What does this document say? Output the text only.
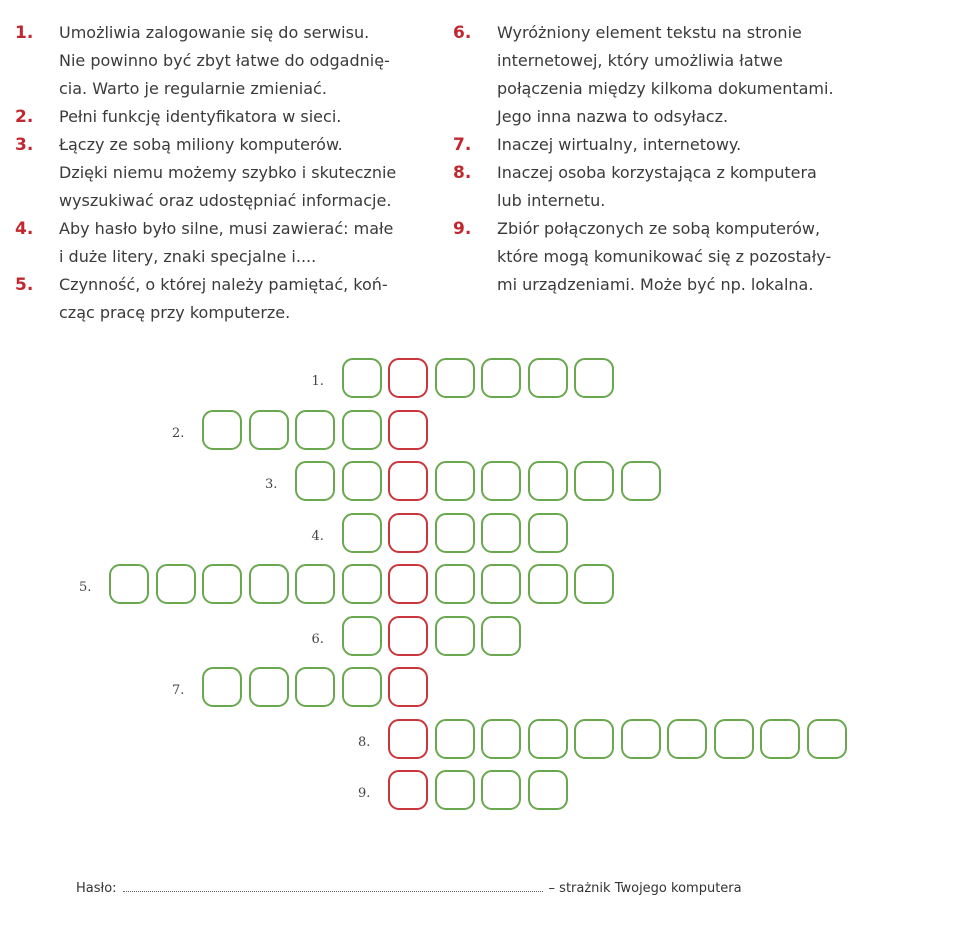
1.	Umożliwia zalogowanie się do serwisu.
Nie powinno być zbyt łatwe do odgadnię-
cia. Warto je regularnie zmieniać.
2.	Pełni funkcję identyfikatora w sieci.
3.	Łączy ze sobą miliony komputerów.
Dzięki niemu możemy szybko i skutecznie
wyszukiwać oraz udostępniać informacje.
4.	Aby hasło było silne, musi zawierać: małe
i duże litery, znaki specjalne i....
5.	Czynność, o której należy pamiętać, koń-
cząc pracę przy komputerze.
6.	Wyróżniony element tekstu na stronie
internetowej, który umożliwia łatwe
połączenia między kilkoma dokumentami.
Jego inna nazwa to odsyłacz.
7.	Inaczej wirtualny, internetowy.
8.	Inaczej osoba korzystająca z komputera
lub internetu.
9.	Zbiór połączonych ze sobą komputerów,
które mogą komunikować się z pozostały-
mi urządzeniami. Może być np. lokalna.
1.
2.
3.
4.
5.
6.
7.
8.
9.
Hasło:	– strażnik Twojego komputera
